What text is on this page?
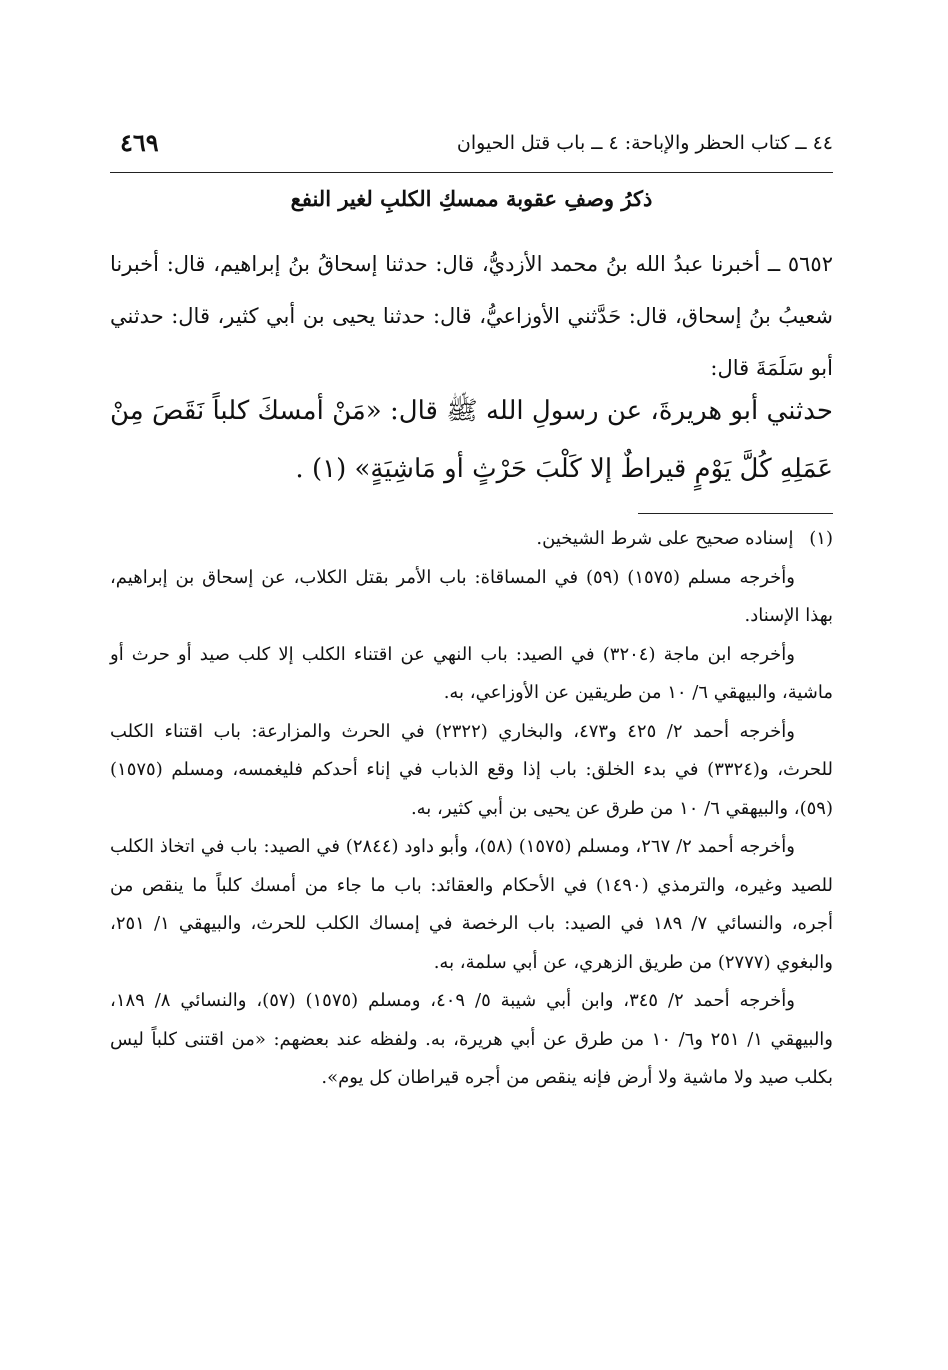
٤٦٩	٤٤ ــ كتاب الحظر والإباحة: ٤ ــ باب قتل الحيوان
ذكرُ وصفِ عقوبة ممسكِ الكلبِ لغير النفع
٥٦٥٢ ــ أخبرنا عبدُ الله بنُ محمد الأزديُّ، قال: حدثنا إسحاقُ بنُ إبراهيم، قال: أخبرنا شعيبُ بنُ إسحاق، قال: حَدَّثني الأوزاعيُّ، قال: حدثنا يحيى بن أبي كثير، قال: حدثني أبو سَلَمَةَ قال:
حدثني أبو هريرةَ، عن رسولِ الله ﷺ قال: «مَنْ أمسكَ كلباً نَقَصَ مِنْ عَمَلِهِ كُلَّ يَوْمٍ قيراطٌ إلا كَلْبَ حَرْثٍ أو مَاشِيَةٍ» (١) .

(١) إسناده صحيح على شرط الشيخين.

وأخرجه مسلم (١٥٧٥) (٥٩) في المساقاة: باب الأمر بقتل الكلاب، عن إسحاق بن إبراهيم، بهذا الإسناد.

وأخرجه ابن ماجة (٣٢٠٤) في الصيد: باب النهي عن اقتناء الكلب إلا كلب صيد أو حرث أو ماشية، والبيهقي ٦/ ١٠ من طريقين عن الأوزاعي، به.

وأخرجه أحمد ٢/ ٤٢٥ و٤٧٣، والبخاري (٢٣٢٢) في الحرث والمزارعة: باب اقتناء الكلب للحرث، و(٣٣٢٤) في بدء الخلق: باب إذا وقع الذباب في إناء أحدكم فليغمسه، ومسلم (١٥٧٥) (٥٩)، والبيهقي ٦/ ١٠ من طرق عن يحيى بن أبي كثير، به.

وأخرجه أحمد ٢/ ٢٦٧، ومسلم (١٥٧٥) (٥٨)، وأبو داود (٢٨٤٤) في الصيد: باب في اتخاذ الكلب للصيد وغيره، والترمذي (١٤٩٠) في الأحكام والعقائد: باب ما جاء من أمسك كلباً ما ينقص من أجره، والنسائي ٧/ ١٨٩ في الصيد: باب الرخصة في إمساك الكلب للحرث، والبيهقي ١/ ٢٥١، والبغوي (٢٧٧٧) من طريق الزهري، عن أبي سلمة، به.

وأخرجه أحمد ٢/ ٣٤٥، وابن أبي شيبة ٥/ ٤٠٩، ومسلم (١٥٧٥) (٥٧)، والنسائي ٨/ ١٨٩، والبيهقي ١/ ٢٥١ و٦/ ١٠ من طرق عن أبي هريرة، به. ولفظه عند بعضهم: «من اقتنى كلباً ليس بكلب صيد ولا ماشية ولا أرض فإنه ينقص من أجره قيراطان كل يوم».
